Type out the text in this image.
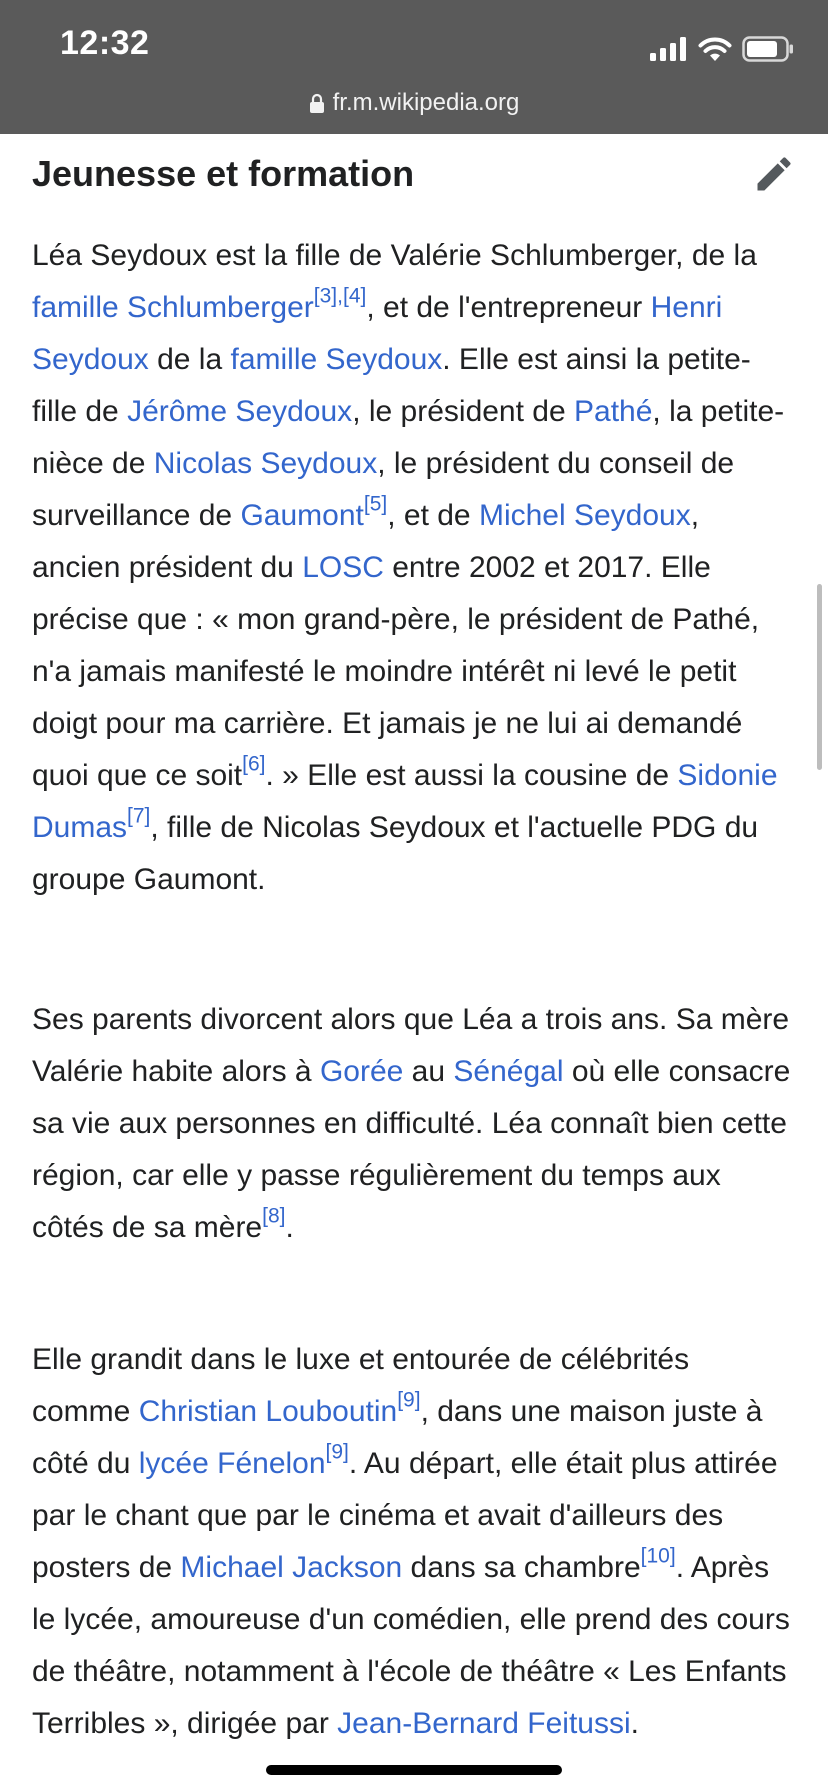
12:32
fr.m.wikipedia.org
Jeunesse et formation

Léa Seydoux est la fille de Valérie Schlumberger, de la famille Schlumberger[3],[4], et de l'entrepreneur Henri Seydoux de la famille Seydoux. Elle est ainsi la petite-fille de Jérôme Seydoux, le président de Pathé, la petite-nièce de Nicolas Seydoux, le président du conseil de surveillance de Gaumont[5], et de Michel Seydoux, ancien président du LOSC entre 2002 et 2017. Elle précise que : « mon grand-père, le président de Pathé, n'a jamais manifesté le moindre intérêt ni levé le petit doigt pour ma carrière. Et jamais je ne lui ai demandé quoi que ce soit[6]. » Elle est aussi la cousine de Sidonie Dumas[7], fille de Nicolas Seydoux et l'actuelle PDG du groupe Gaumont.

Ses parents divorcent alors que Léa a trois ans. Sa mère Valérie habite alors à Gorée au Sénégal où elle consacre sa vie aux personnes en difficulté. Léa connaît bien cette région, car elle y passe régulièrement du temps aux côtés de sa mère[8].

Elle grandit dans le luxe et entourée de célébrités comme Christian Louboutin[9], dans une maison juste à côté du lycée Fénelon[9]. Au départ, elle était plus attirée par le chant que par le cinéma et avait d'ailleurs des posters de Michael Jackson dans sa chambre[10]. Après le lycée, amoureuse d'un comédien, elle prend des cours de théâtre, notamment à l'école de théâtre « Les Enfants Terribles », dirigée par Jean-Bernard Feitussi.
